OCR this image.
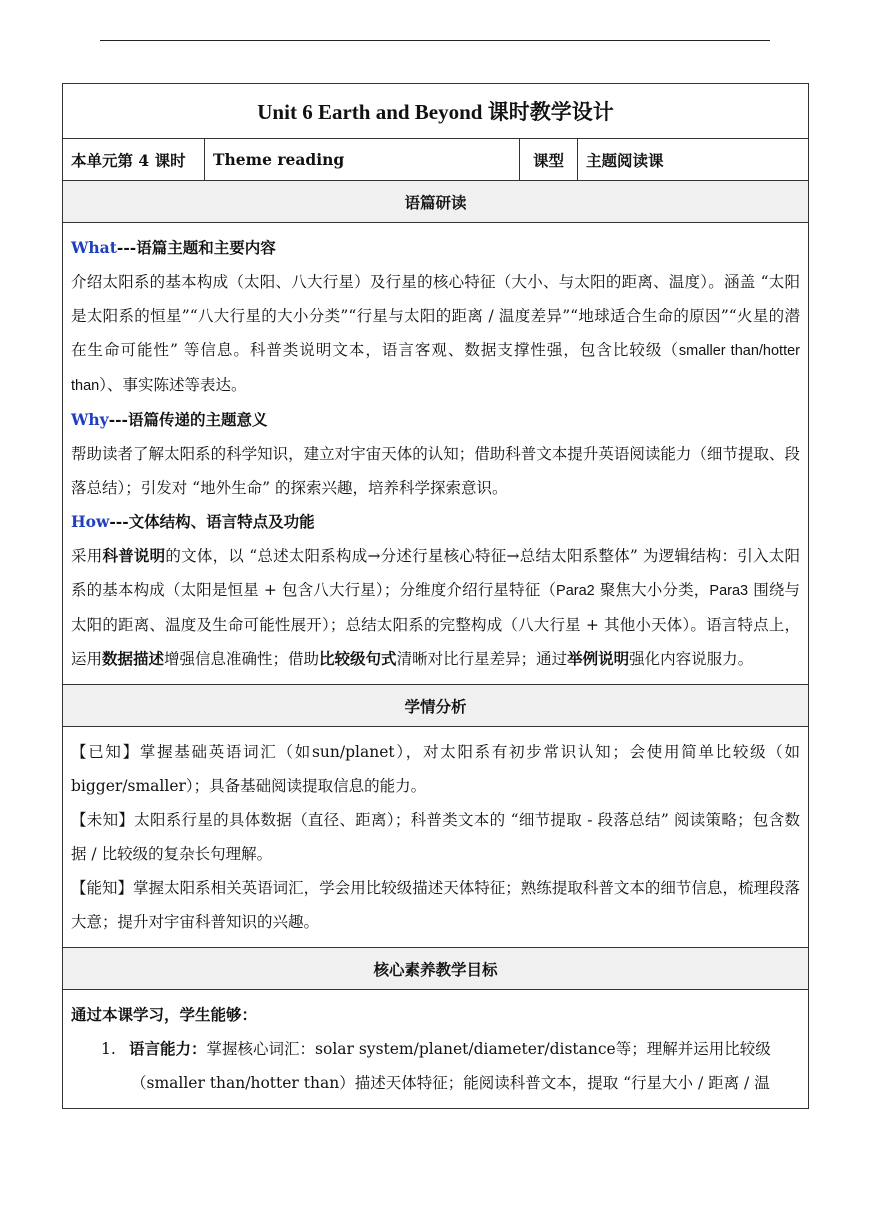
Unit 6 Earth and Beyond 课时教学设计
本单元第 4 课时	Theme reading	课型	主题阅读课
语篇研读

What---语篇主题和主要内容

介绍太阳系的基本构成（太阳、八大行星）及行星的核心特征（大小、与太阳的距离、温度）。涵盖 “太阳是太阳系的恒星”“八大行星的大小分类”“行星与太阳的距离 / 温度差异”“地球适合生命的原因”“火星的潜在生命可能性” 等信息。科普类说明文本，语言客观、数据支撑性强，包含比较级（smaller than/hotter than）、事实陈述等表达。

Why---语篇传递的主题意义

帮助读者了解太阳系的科学知识，建立对宇宙天体的认知；借助科普文本提升英语阅读能力（细节提取、段落总结）；引发对 “地外生命” 的探索兴趣，培养科学探索意识。

How---文体结构、语言特点及功能

采用科普说明的文体，以 “总述太阳系构成→分述行星核心特征→总结太阳系整体” 为逻辑结构：引入太阳系的基本构成（太阳是恒星 + 包含八大行星）；分维度介绍行星特征（Para2 聚焦大小分类，Para3 围绕与太阳的距离、温度及生命可能性展开）；总结太阳系的完整构成（八大行星 + 其他小天体）。语言特点上，运用数据描述增强信息准确性；借助比较级句式清晰对比行星差异；通过举例说明强化内容说服力。

学情分析

【已知】掌握基础英语词汇（如sun/planet），对太阳系有初步常识认知；会使用简单比较级（如bigger/smaller）；具备基础阅读提取信息的能力。

【未知】太阳系行星的具体数据（直径、距离）；科普类文本的 “细节提取 - 段落总结” 阅读策略；包含数据 / 比较级的复杂长句理解。

【能知】掌握太阳系相关英语词汇，学会用比较级描述天体特征；熟练提取科普文本的细节信息，梳理段落大意；提升对宇宙科普知识的兴趣。

核心素养教学目标

通过本课学习，学生能够：

1. 语言能力：掌握核心词汇：solar system/planet/diameter/distance等；理解并运用比较级

（smaller than/hotter than）描述天体特征；能阅读科普文本，提取 “行星大小 / 距离 / 温
